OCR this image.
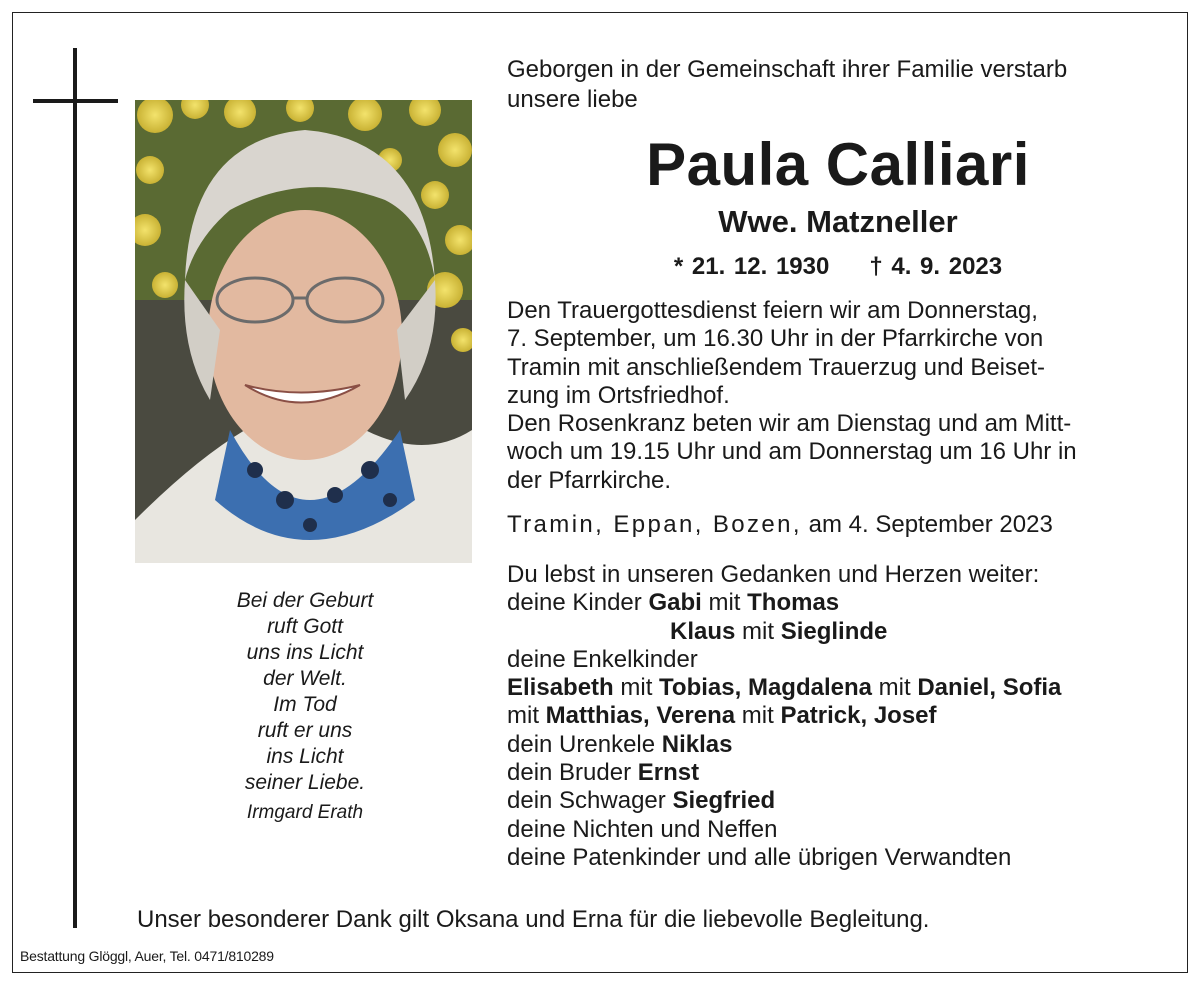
Bei der Geburt
ruft Gott
uns ins Licht
der Welt.
Im Tod
ruft er uns
ins Licht
seiner Liebe.
Irmgard Erath
Geborgen in der Gemeinschaft ihrer Familie verstarb
unsere liebe
Paula Calliari
Wwe. Matzneller
* 21. 12. 1930 † 4. 9. 2023
Den Trauergottesdienst feiern wir am Donnerstag,
7. September, um 16.30 Uhr in der Pfarrkirche von
Tramin mit anschließendem Trauerzug und Beiset-
zung im Ortsfriedhof.
Den Rosenkranz beten wir am Dienstag und am Mitt-
woch um 19.15 Uhr und am Donnerstag um 16 Uhr in
der Pfarrkirche.
Tramin, Eppan, Bozen, am 4. September 2023
Du lebst in unseren Gedanken und Herzen weiter:
deine Kinder Gabi mit Thomas
Klaus mit Sieglinde
deine Enkelkinder
Elisabeth mit Tobias, Magdalena mit Daniel, Sofia
mit Matthias, Verena mit Patrick, Josef
dein Urenkele Niklas
dein Bruder Ernst
dein Schwager Siegfried
deine Nichten und Neffen
deine Patenkinder und alle übrigen Verwandten
Unser besonderer Dank gilt Oksana und Erna für die liebevolle Begleitung.
Bestattung Glöggl, Auer, Tel. 0471/810289
